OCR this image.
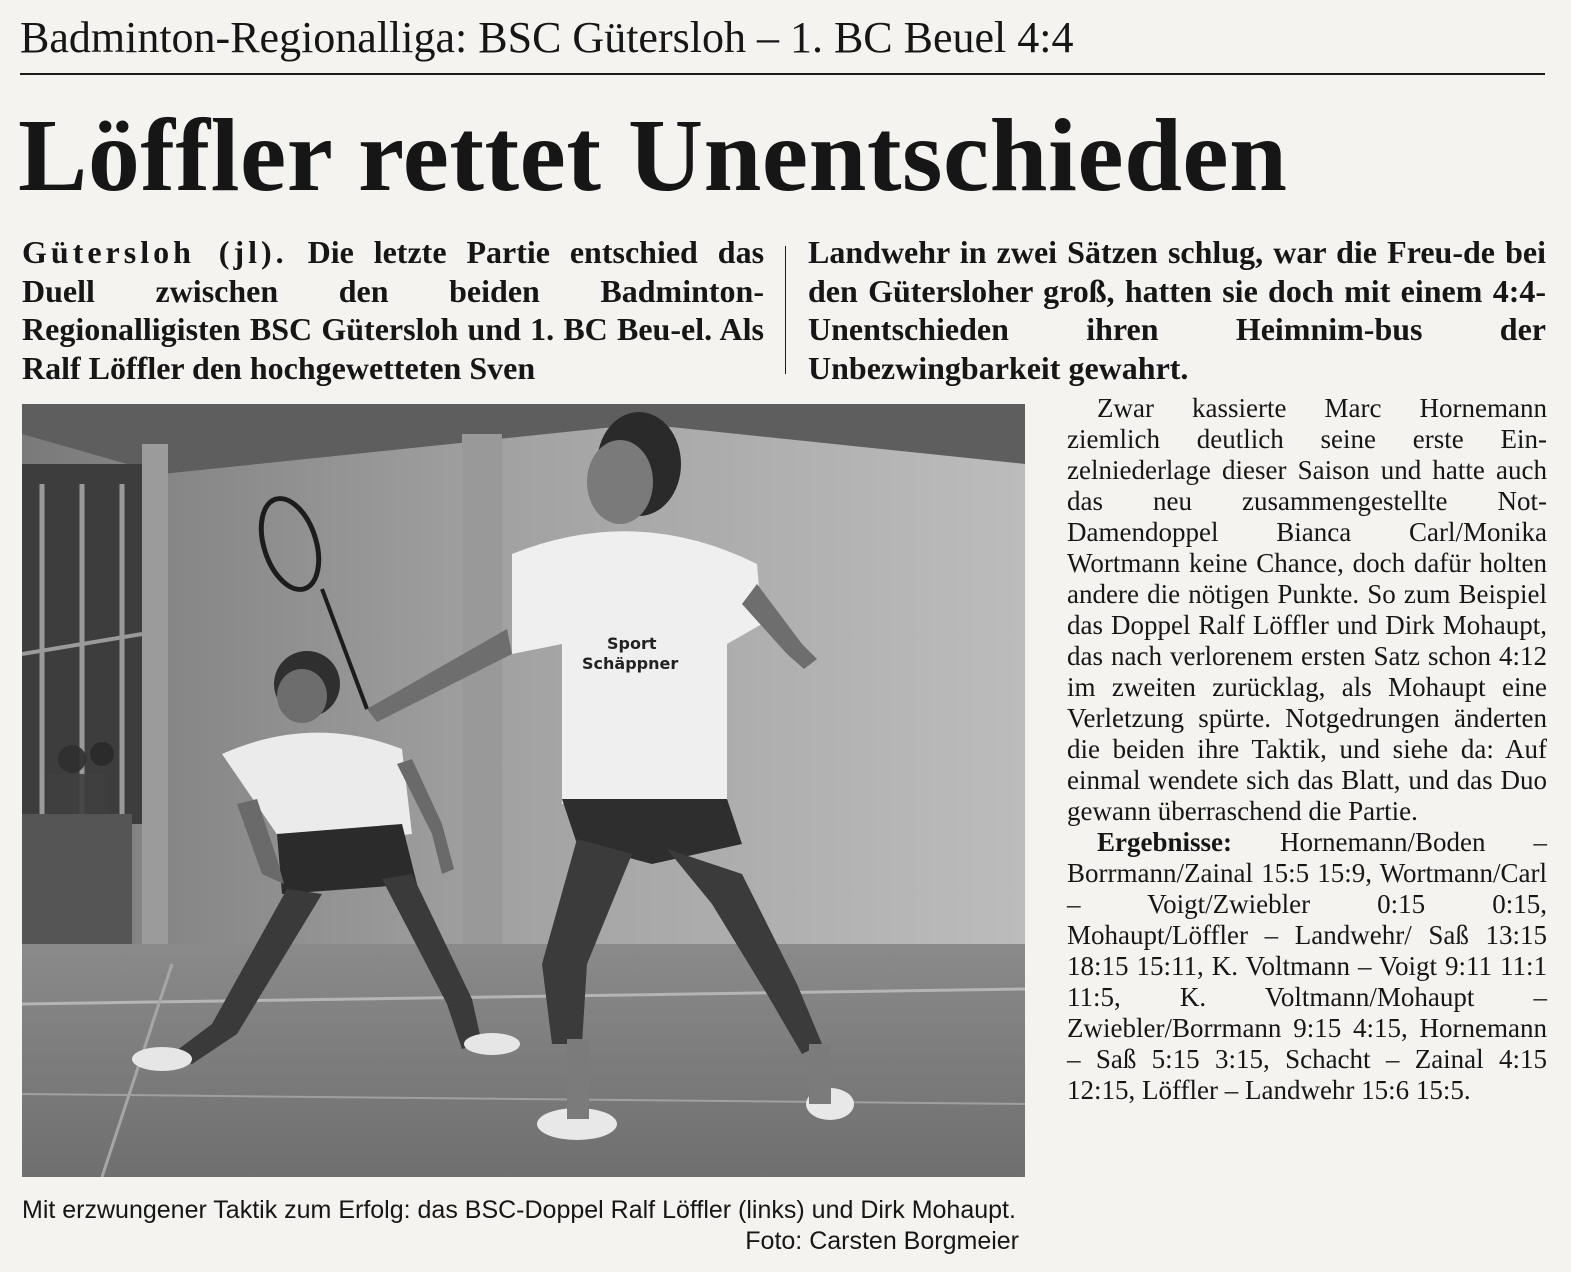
Badminton-Regionalliga: BSC Gütersloh – 1. BC Beuel 4:4
Löffler rettet Unentschieden
Gütersloh (jl). Die letzte Partie entschied das Duell zwischen den beiden Badminton-Regionalligisten BSC Gütersloh und 1. BC Beu-el. Als Ralf Löffler den hochgewetteten Sven
Landwehr in zwei Sätzen schlug, war die Freu-de bei den Gütersloher groß, hatten sie doch mit einem 4:4-Unentschieden ihren Heimnim-bus der Unbezwingbarkeit gewahrt.
Sport
Schäppner
Mit erzwungener Taktik zum Erfolg: das BSC-Doppel Ralf Löffler (links) und Dirk Mohaupt.
Foto: Carsten Borgmeier

Zwar kassierte Marc Hornemann ziemlich deutlich seine erste Einzelniederlage dieser Saison und hatte auch das neu zusammengestellte Not-Damendoppel Bianca Carl/Monika Wortmann keine Chance, doch dafür holten andere die nötigen Punkte. So zum Beispiel das Doppel Ralf Löffler und Dirk Mohaupt, das nach verlorenem ersten Satz schon 4:12 im zweiten zurücklag, als Mohaupt eine Verletzung spürte. Notgedrungen änderten die beiden ihre Taktik, und siehe da: Auf einmal wendete sich das Blatt, und das Duo gewann überraschend die Partie.

Ergebnisse: Hornemann/Boden – Borrmann/Zainal 15:5 15:9, Wortmann/Carl – Voigt/Zwiebler 0:15 0:15, Mohaupt/Löffler – Landwehr/ Saß 13:15 18:15 15:11, K. Voltmann – Voigt 9:11 11:1 11:5, K. Voltmann/Mohaupt – Zwiebler/Borrmann 9:15 4:15, Hornemann – Saß 5:15 3:15, Schacht – Zainal 4:15 12:15, Löffler – Landwehr 15:6 15:5.
